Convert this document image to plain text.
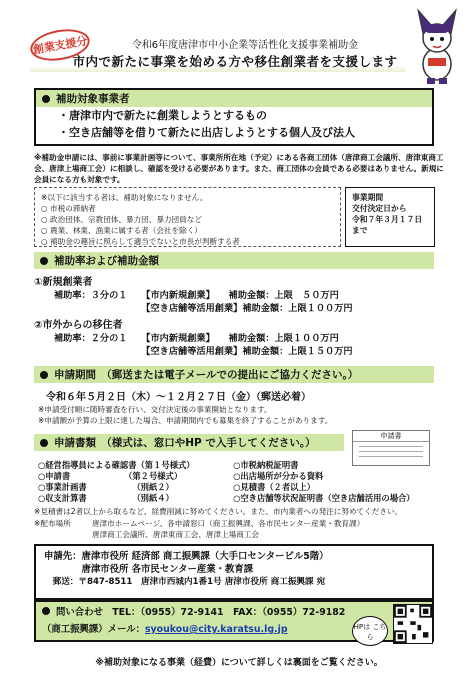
創業支援分	令和6年度唐津市中小企業等活性化支援事業補助金
市内で新たに事業を始める方や移住創業者を支援します
補助対象事業者
・唐津市内で新たに創業しようとするもの
・空き店舗等を借りて新たに出店しようとする個人及び法人
※補助金申請には、事前に事業計画等について、事業所所在地（予定）にある各商工団体（唐津商工会議所、唐津東商工会、唐津上場商工会）に相談し、確認を受ける必要があります。また、商工団体の会員である必要はありません。新規に会員になる方も対象です。
※以下に該当する者は、補助対象になりません。
○ 市税の滞納者
○ 政治団体、宗教団体、暴力団、暴力団員など
○ 農業、林業、漁業に属する者（会社を除く）
○ 補助金の趣旨に照らして適当でないと市長が判断する者
事業期間
交付決定日から
令和７年３月１７日
まで
補助率および補助金額
①新規創業者
補助率：３分の１　　【市内新規創業】　　補助金額：上限　５０万円
　　　　　　　　　　【空き店舗等活用創業】補助金額：上限１００万円
②市外からの移住者
補助率：２分の１　　【市内新規創業】　　補助金額：上限１００万円
　　　　　　　　　　【空き店舗等活用創業】補助金額：上限１５０万円
申請期間　（郵送または電子メールでの提出にご協力ください。）
令和６年５月２日（木）～１２月２７日（金）（郵送必着）
※申請受付順に随時審査を行い、交付決定後の事業開始となります。
※申請額が予算の上限に達した場合、申請期間内でも募集を終了することがあります。
申請書類　（様式は、窓口やHP で入手してください。）
申請書
○経営指導員による確認書（第１号様式）
○申請書　　　　　　　（第２号様式）
○事業計画書　　　　　　（別紙２）
○収支計算書　　　　　　（別紙４）
○市税納税証明書
○出店場所が分かる資料
○見積書（２者以上）
○空き店舗等状況証明書（空き店舗活用の場合）
※見積書は2者以上から取るなど、経費削減に努めてください。また、市内業者への発注に努めてください。
※配布場所	唐津市ホームページ、各申請窓口（商工振興課、各市民センター産業・教育課）
唐津商工会議所、唐津東商工会、唐津上場商工会
申請先：唐津市役所 経済部 商工振興課（大手口センタービル5階）
　　　　唐津市役所 各市民センター産業・教育課
　郵送：〒847-8511　唐津市西城内1番1号 唐津市役所 商工振興課 宛
問い合わせ　TEL：（0955）72-9141　FAX：（0955）72-9182
（商工振興課）メール：syoukou@city.karatsu.lg.jp	HPは こちら
※補助対象になる事業（経費）について詳しくは裏面をご覧ください。
